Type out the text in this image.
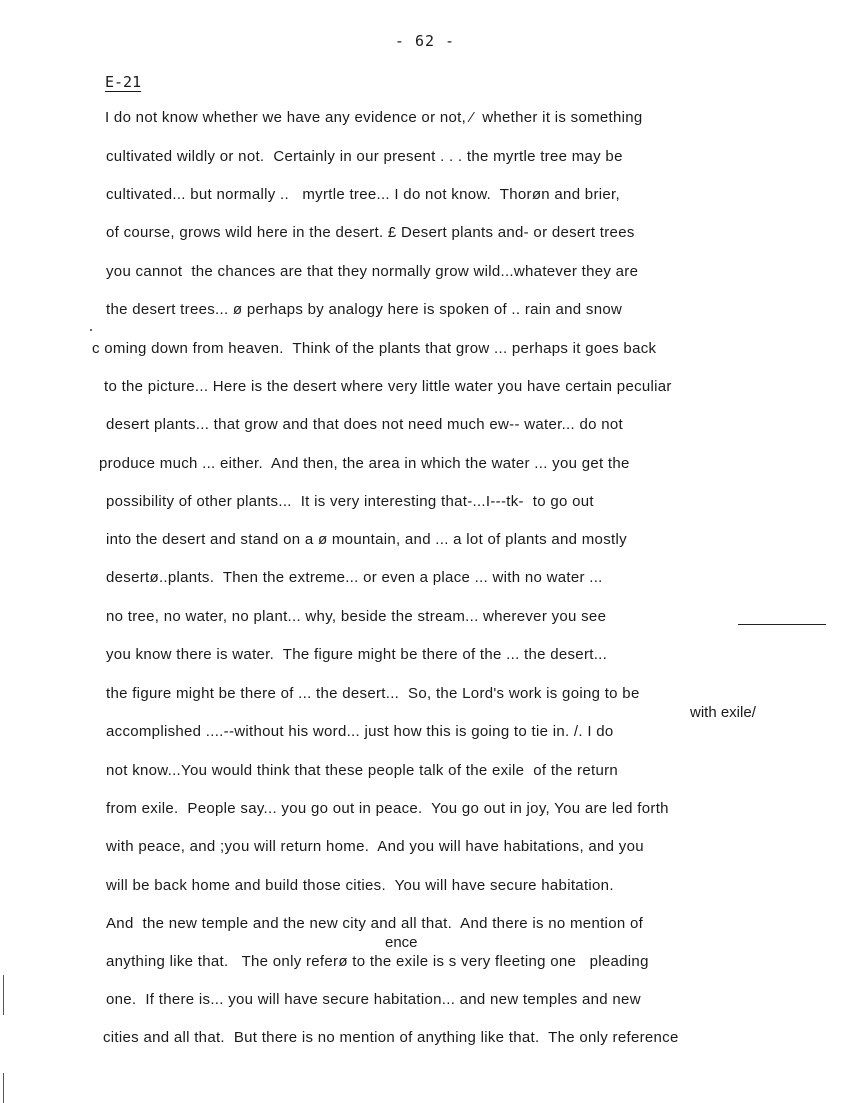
- 62 -
E-21
I do not know whether we have any evidence or not, ⁄  whether it is something
cultivated wildly or not.  Certainly in our present . . . the myrtle tree may be
cultivated... but normally ..   myrtle tree... I do not know.  Thorøn and brier,
of course, grows wild here in the desert. £ Desert plants and- or desert trees
you cannot  the chances are that they normally grow wild...whatever they are
the desert trees... ø perhaps by analogy here is spoken of .. rain and snow
c oming down from heaven.  Think of the plants that grow ... perhaps it goes back
to the picture... Here is the desert where very little water you have certain peculiar
desert plants... that grow and that does not need much ew-- water... do not
produce much ... either.  And then, the area in which the water ... you get the
possibility of other plants...  It is very interesting that-...I---tk-  to go out
into the desert and stand on a ø mountain, and ... a lot of plants and mostly
desertø..plants.  Then the extreme... or even a place ... with no water ...
no tree, no water, no plant... why, beside the stream... wherever you see
you know there is water.  The figure might be there of the ... the desert...
the figure might be there of ... the desert...  So, the Lord's work is going to be
with exile/
accomplished ....--without his word... just how this is going to tie in. /. I do
not know...You would think that these people talk of the exile  of the return
from exile.  People say... you go out in peace.  You go out in joy, You are led forth
with peace, and ;you will return home.  And you will have habitations, and you
will be back home and build those cities.  You will have secure habitation.
And  the new temple and the new city and all that.  And there is no mention of
ence
anything like that.   The only referø to the exile is s very fleeting one   pleading
one.  If there is... you will have secure habitation... and new temples and new
cities and all that.  But there is no mention of anything like that.  The only reference
